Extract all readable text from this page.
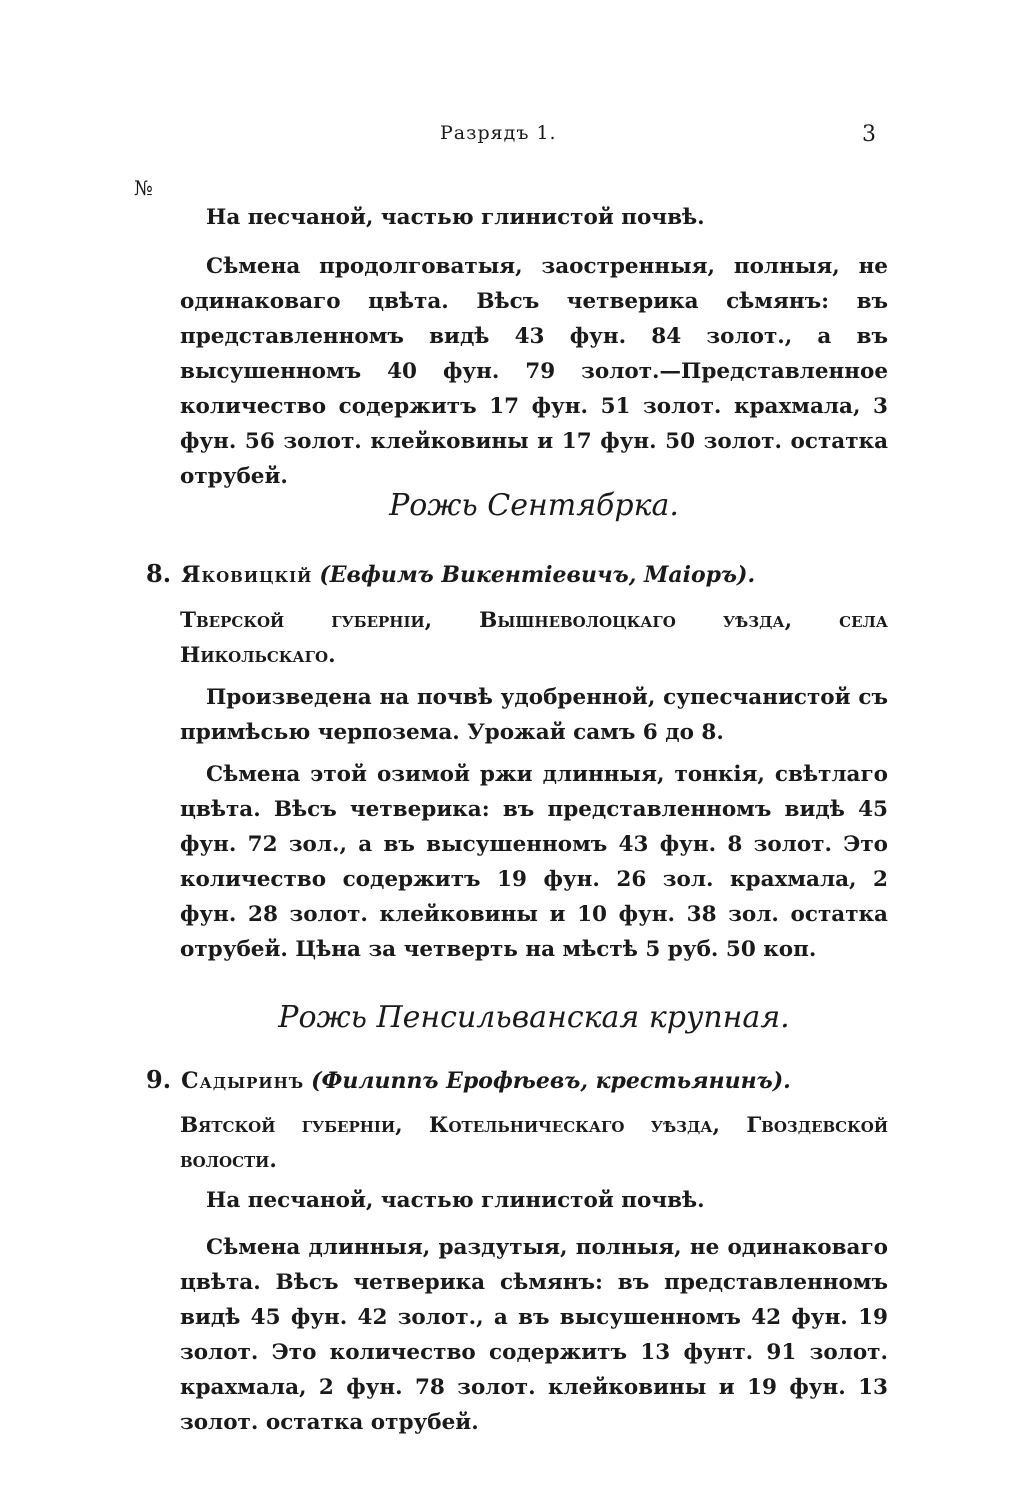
Разрядъ 1.	3
№
На песчаной, частью глинистой почвѣ.
Сѣмена продолговатыя, заостренныя, полныя, не одинаковаго цвѣта. Вѣсъ четверика сѣмянъ: въ представленномъ видѣ 43 фун. 84 золот., а въ высушенномъ 40 фун. 79 золот.—Представленное количество содержитъ 17 фун. 51 золот. крахмала, 3 фун. 56 золот. клейковины и 17 фун. 50 золот. остатка отрубей.
Рожь Сентябрка.
8. Яковицкій (Евфимъ Викентіевичъ, Маіоръ).
Тверской губерніи, Вышневолоцкаго уѣзда, села Никольскаго.
Произведена на почвѣ удобренной, супесчанистой съ примѣсью черпозема. Урожай самъ 6 до 8.
Сѣмена этой озимой ржи длинныя, тонкія, свѣтлаго цвѣта. Вѣсъ четверика: въ представленномъ видѣ 45 фун. 72 зол., а въ высушенномъ 43 фун. 8 золот. Это количество содержитъ 19 фун. 26 зол. крахмала, 2 фун. 28 золот. клейковины и 10 фун. 38 зол. остатка отрубей. Цѣна за четверть на мѣстѣ 5 руб. 50 коп.
Рожь Пенсильванская крупная.
9. Садыринъ (Филиппъ Ерофѣевъ, крестьянинъ).
Вятской губерніи, Котельническаго уѣзда, Гвоздевской волости.
На песчаной, частью глинистой почвѣ.
Сѣмена длинныя, раздутыя, полныя, не одинаковаго цвѣта. Вѣсъ четверика сѣмянъ: въ представленномъ видѣ 45 фун. 42 золот., а въ высушенномъ 42 фун. 19 золот. Это количество содержитъ 13 фунт. 91 золот. крахмала, 2 фун. 78 золот. клейковины и 19 фун. 13 золот. остатка отрубей.
